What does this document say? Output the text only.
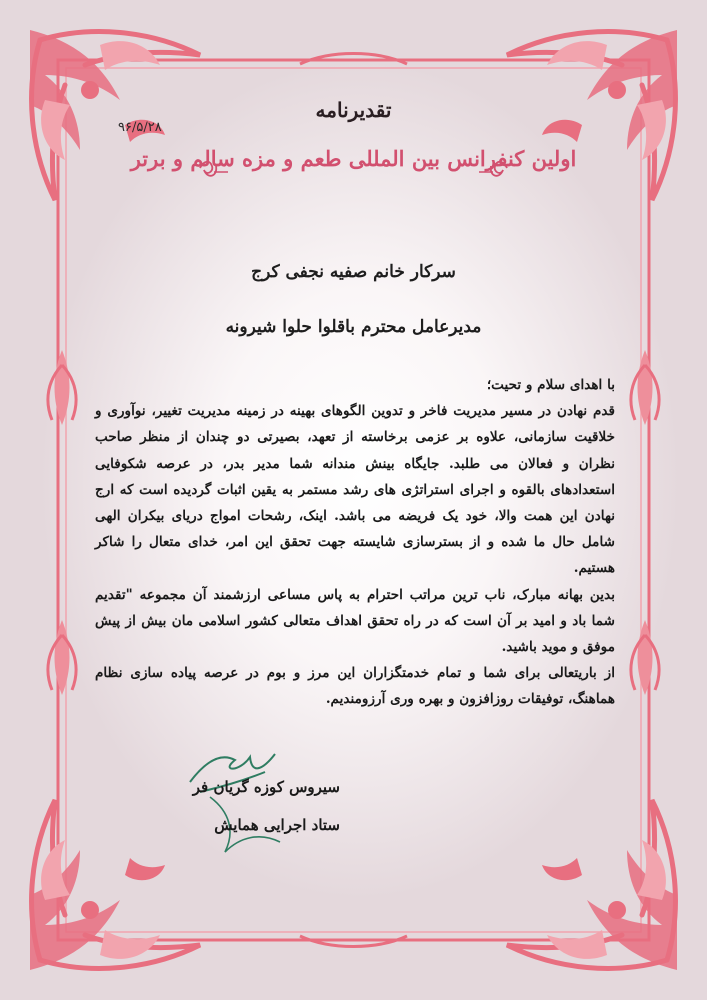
۹۶/۵/۲۸
تقدیرنامه
اولین کنفرانس بین المللی طعم و مزه سالم و برتر
سرکار خانم صفیه نجفی کرج
مدیرعامل محترم باقلوا حلوا شیرونه

با اهدای سلام و تحیت؛

قدم نهادن در مسیر مدیریت فاخر و تدوین الگوهای بهینه در زمینه مدیریت تغییر، نوآوری و خلاقیت سازمانی، علاوه بر عزمی برخاسته از تعهد، بصیرتی دو چندان از منظر صاحب نظران و فعالان می طلبد. جایگاه بینش مندانه شما مدیر بدر، در عرصه شکوفایی استعدادهای بالقوه و اجرای استراتژی های رشد مستمر به یقین اثبات گردیده است که ارج نهادن این همت والا، خود یک فریضه می باشد. اینک، رشحات امواج دریای بیکران الهی شامل حال ما شده و از بسترسازی شایسته جهت تحقق این امر، خدای متعال را شاکر هستیم.

بدین بهانه مبارک، ناب ترین مراتب احترام به پاس مساعی ارزشمند آن مجموعه "تقدیم شما باد و امید بر آن است که در راه تحقق اهداف متعالی کشور اسلامی مان بیش از پیش موفق و موید باشید.

از باریتعالی برای شما و تمام خدمتگزاران این مرز و بوم در عرصه پیاده سازی نظام هماهنگ، توفیقات روزافزون و بهره وری آرزومندیم.

سیروس کوزه گریان فر
ستاد اجرایی همایش
